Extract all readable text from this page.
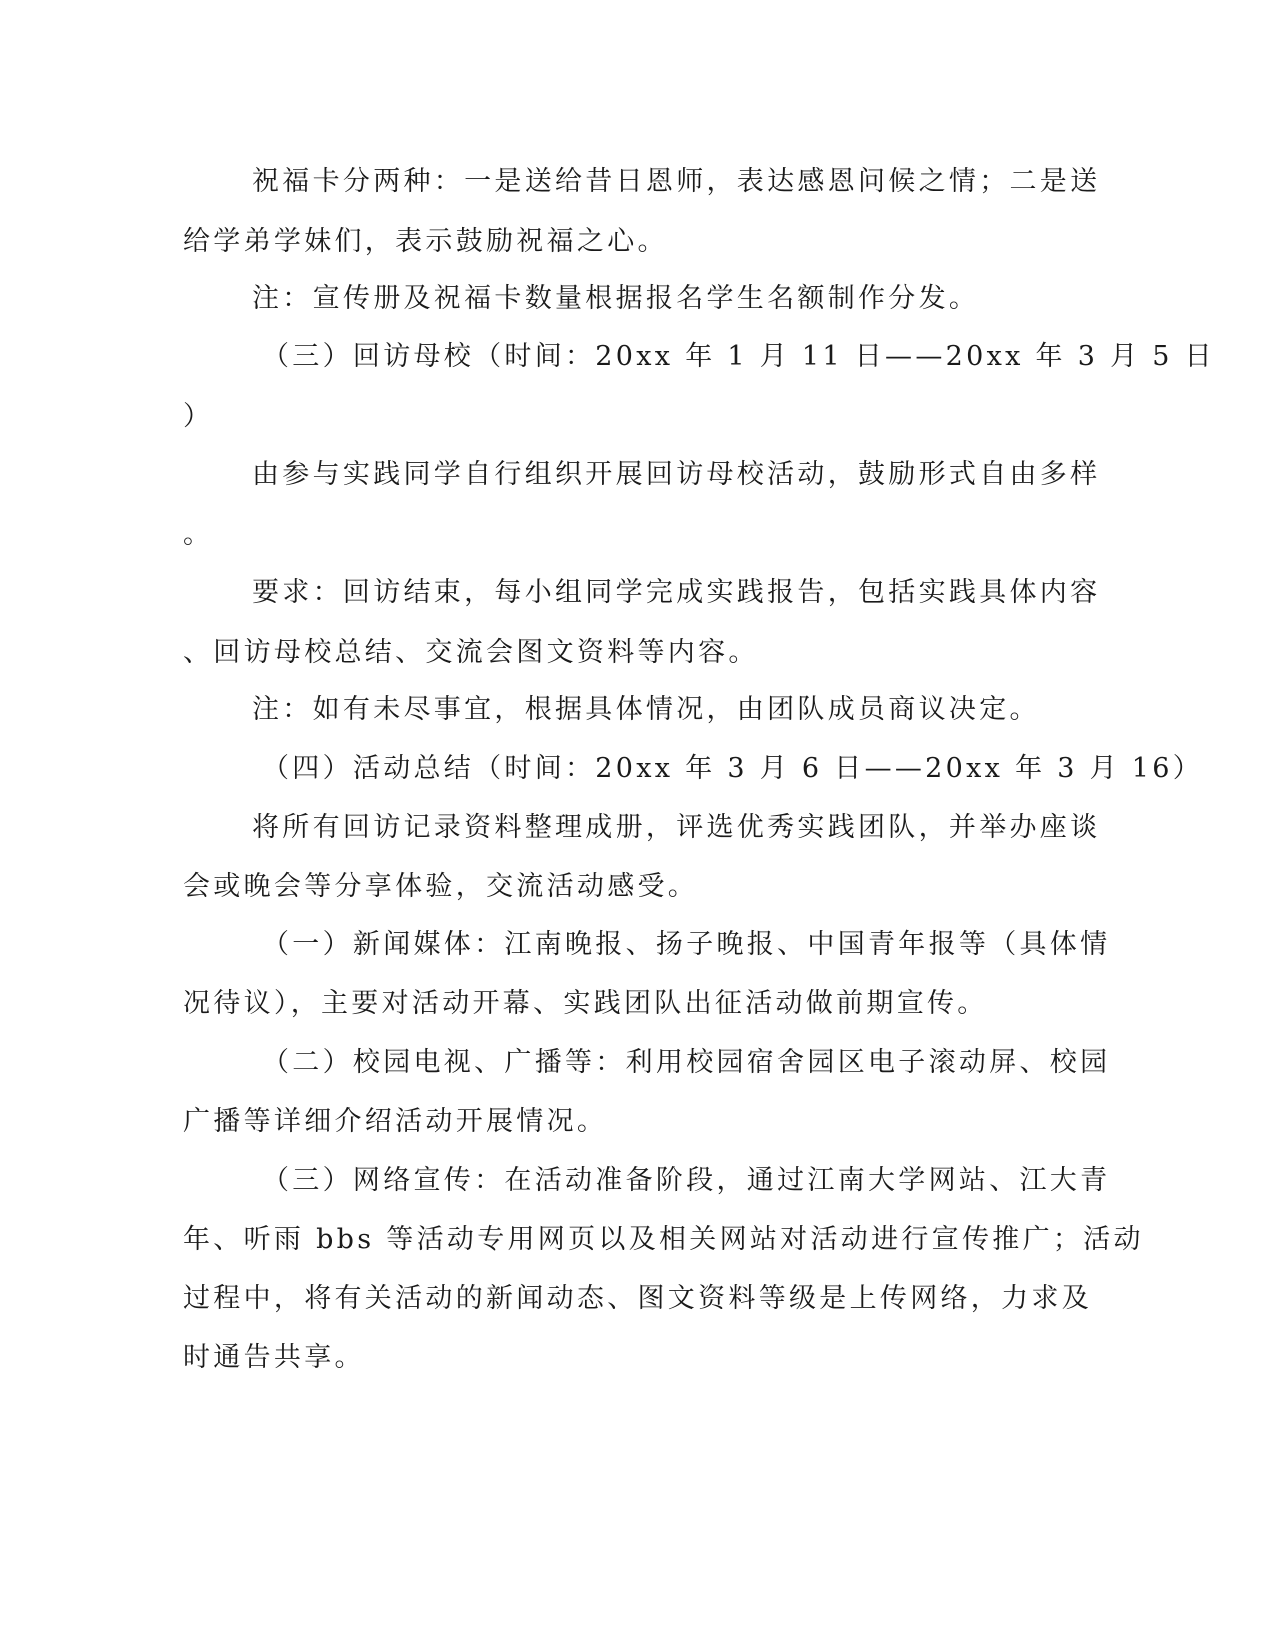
祝福卡分两种：一是送给昔日恩师，表达感恩问候之情；二是送
给学弟学妹们，表示鼓励祝福之心。
注：宣传册及祝福卡数量根据报名学生名额制作分发。
（三）回访母校（时间：20xx 年 1 月 11 日——20xx 年 3 月 5 日
）
由参与实践同学自行组织开展回访母校活动，鼓励形式自由多样
。
要求：回访结束，每小组同学完成实践报告，包括实践具体内容
、回访母校总结、交流会图文资料等内容。
注：如有未尽事宜，根据具体情况，由团队成员商议决定。
（四）活动总结（时间：20xx 年 3 月 6 日——20xx 年 3 月 16）
将所有回访记录资料整理成册，评选优秀实践团队，并举办座谈
会或晚会等分享体验，交流活动感受。
（一）新闻媒体：江南晚报、扬子晚报、中国青年报等（具体情
况待议），主要对活动开幕、实践团队出征活动做前期宣传。
（二）校园电视、广播等：利用校园宿舍园区电子滚动屏、校园
广播等详细介绍活动开展情况。
（三）网络宣传：在活动准备阶段，通过江南大学网站、江大青
年、听雨 bbs 等活动专用网页以及相关网站对活动进行宣传推广；活动
过程中，将有关活动的新闻动态、图文资料等级是上传网络，力求及
时通告共享。
